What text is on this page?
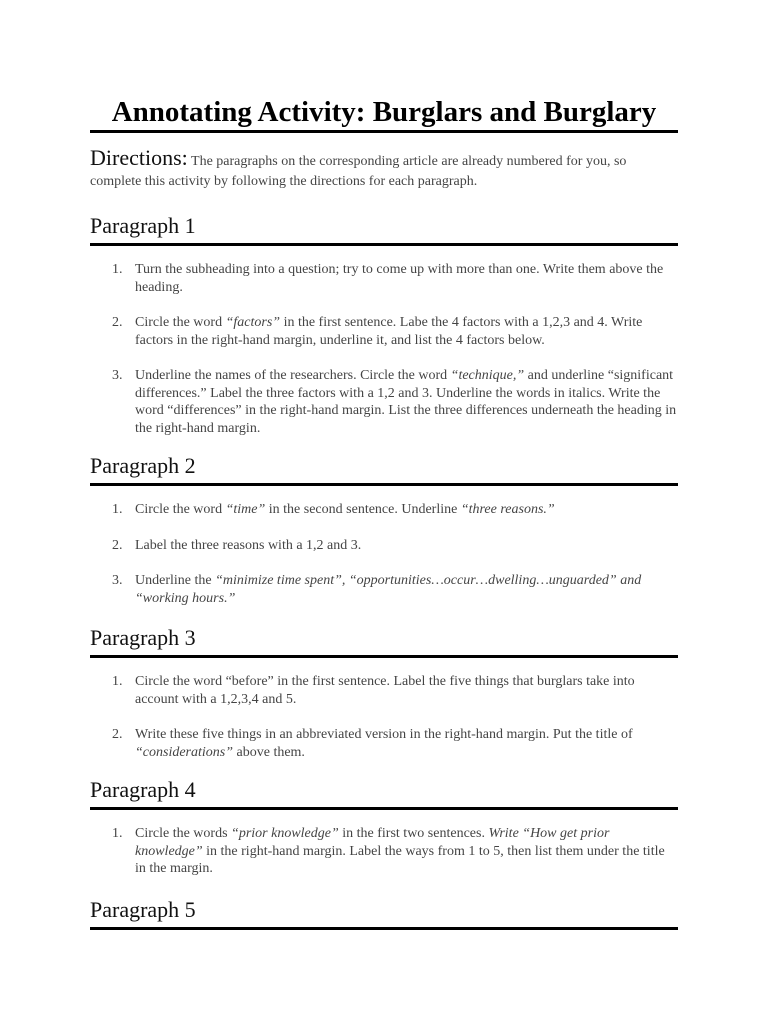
Annotating Activity: Burglars and Burglary
Directions: The paragraphs on the corresponding article are already numbered for you, so complete this activity by following the directions for each paragraph.
Paragraph 1
1. Turn the subheading into a question; try to come up with more than one. Write them above the heading.
2. Circle the word “factors” in the first sentence. Labe the 4 factors with a 1,2,3 and 4. Write factors in the right-hand margin, underline it, and list the 4 factors below.
3. Underline the names of the researchers. Circle the word “technique,” and underline “significant differences.” Label the three factors with a 1,2 and 3. Underline the words in italics. Write the word “differences” in the right-hand margin. List the three differences underneath the heading in the right-hand margin.
Paragraph 2
1. Circle the word “time” in the second sentence. Underline “three reasons.”
2. Label the three reasons with a 1,2 and 3.
3. Underline the “minimize time spent”, “opportunities…occur…dwelling…unguarded” and “working hours.”
Paragraph 3
1. Circle the word “before” in the first sentence. Label the five things that burglars take into account with a 1,2,3,4 and 5.
2. Write these five things in an abbreviated version in the right-hand margin. Put the title of “considerations” above them.
Paragraph 4
1. Circle the words “prior knowledge” in the first two sentences. Write “How get prior knowledge” in the right-hand margin. Label the ways from 1 to 5, then list them under the title in the margin.
Paragraph 5
